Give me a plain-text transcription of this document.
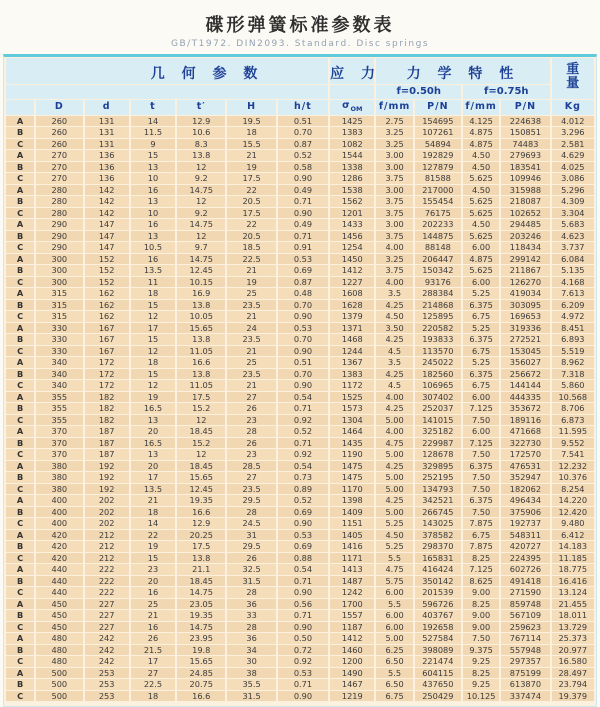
碟形弹簧标准参数表

GB/T1972. DIN2093. Standard. Disc springs

几 何 参 数							应 力	力 学 特 性				重
量

								f=0.50h		f=0.75h		
	D	d	t	t′	H	h/t	$\sigma_{OM}$	f/mm	P/N	f/mm	P/N	Kg
A	260	131	14	12.9	19.5	0.51	1425	2.75	154695	4.125	224638	4.012
B	260	131	11.5	10.6	18	0.70	1383	3.25	107261	4.875	150851	3.296
C	260	131	9	8.3	15.5	0.87	1082	3.25	54894	4.875	74483	2.581
A	270	136	15	13.8	21	0.52	1544	3.00	192829	4.50	279693	4.629
B	270	136	13	12	19	0.58	1338	3.00	127879	4.50	183541	4.025
C	270	136	10	9.2	17.5	0.90	1286	3.75	81588	5.625	109946	3.086
A	280	142	16	14.75	22	0.49	1538	3.00	217000	4.50	315988	5.296
B	280	142	13	12	20.5	0.71	1562	3.75	155454	5.625	218087	4.309
C	280	142	10	9.2	17.5	0.90	1201	3.75	76175	5.625	102652	3.304
A	290	147	16	14.75	22	0.49	1433	3.00	202233	4.50	294485	5.683
B	290	147	13	12	20.5	0.71	1456	3.75	144875	5.625	203246	4.623
C	290	147	10.5	9.7	18.5	0.91	1254	4.00	88148	6.00	118434	3.737
A	300	152	16	14.75	22.5	0.53	1450	3.25	206447	4.875	299142	6.084
B	300	152	13.5	12.45	21	0.69	1412	3.75	150342	5.625	211867	5.135
C	300	152	11	10.15	19	0.87	1227	4.00	93176	6.00	126270	4.168
A	315	162	18	16.9	25	0.48	1608	3.5	288384	5.25	419034	7.613
B	315	162	15	13.8	23.5	0.70	1628	4.25	214868	6.375	303095	6.209
C	315	162	12	10.05	21	0.90	1379	4.50	125895	6.75	169653	4.972
A	330	167	17	15.65	24	0.53	1371	3.50	220582	5.25	319336	8.451
B	330	167	15	13.8	23.5	0.70	1468	4.25	193833	6.375	272521	6.893
C	330	167	12	11.05	21	0.90	1244	4.5	113570	6.75	153045	5.519
A	340	172	18	16.6	25	0.51	1367	3.5	245022	5.25	356027	8.962
B	340	172	15	13.8	23.5	0.70	1383	4.25	182560	6.375	256672	7.318
C	340	172	12	11.05	21	0.90	1172	4.5	106965	6.75	144144	5.860
A	355	182	19	17.5	27	0.54	1525	4.00	307402	6.00	444335	10.568
B	355	182	16.5	15.2	26	0.71	1573	4.25	252037	7.125	353672	8.706
C	355	182	13	12	23	0.92	1304	5.00	141015	7.50	189116	6.873
A	370	187	20	18.45	28	0.52	1464	4.00	325182	6.00	471668	11.595
B	370	187	16.5	15.2	26	0.71	1435	4.75	229987	7.125	322730	9.552
C	370	187	13	12	23	0.92	1190	5.00	128678	7.50	172570	7.541
A	380	192	20	18.45	28.5	0.54	1475	4.25	329895	6.375	476531	12.232
B	380	192	17	15.65	27	0.73	1475	5.00	252195	7.50	352947	10.376
C	380	192	13.5	12.45	23.5	0.89	1170	5.00	134793	7.50	182062	8.254
A	400	202	21	19.35	29.5	0.52	1398	4.25	342521	6.375	496434	14.220
B	400	202	18	16.6	28	0.69	1409	5.00	266745	7.50	375906	12.420
C	400	202	14	12.9	24.5	0.90	1151	5.25	143025	7.875	192737	9.480
A	420	212	22	20.25	31	0.53	1405	4.50	378582	6.75	548311	6.412
B	420	212	19	17.5	29.5	0.69	1416	5.25	298370	7.875	420727	14.183
C	420	212	15	13.8	26	0.88	1171	5.5	165831	8.25	224395	11.185
A	440	222	23	21.1	32.5	0.54	1413	4.75	416424	7.125	602726	18.775
B	440	222	20	18.45	31.5	0.71	1487	5.75	350142	8.625	491418	16.416
C	440	222	16	14.75	28	0.90	1242	6.00	201539	9.00	271590	13.124
A	450	227	25	23.05	36	0.56	1700	5.5	596726	8.25	859748	21.455
B	450	227	21	19.35	33	0.71	1557	6.00	403767	9.00	567109	18.011
C	450	227	16	14.75	28	0.90	1187	6.00	192658	9.00	259623	13.729
A	480	242	26	23.95	36	0.50	1412	5.00	527584	7.50	767114	25.373
B	480	242	21.5	19.8	34	0.72	1460	6.25	398089	9.375	557948	20.977
C	480	242	17	15.65	30	0.92	1200	6.50	221474	9.25	297357	16.580
A	500	253	27	24.85	38	0.53	1490	5.5	604115	8.25	875199	28.497
B	500	253	22.5	20.75	35.5	0.71	1467	6.50	437650	9.25	613870	23.794
C	500	253	18	16.6	31.5	0.90	1219	6.75	250429	10.125	337474	19.379
